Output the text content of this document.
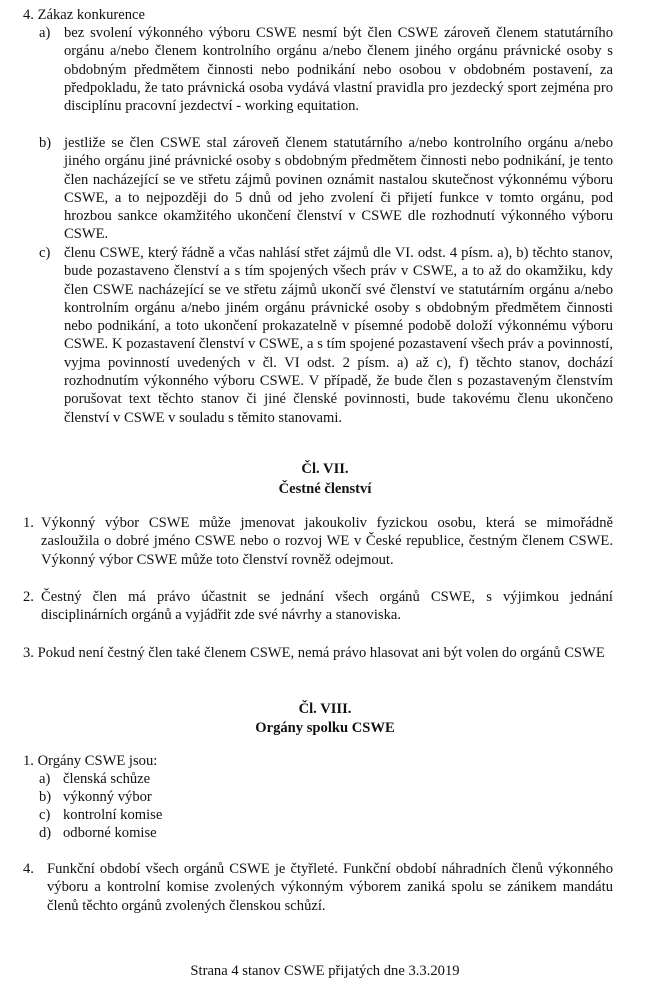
4. Zákaz konkurence
a) bez svolení výkonného výboru CSWE nesmí být člen CSWE zároveň členem statutárního orgánu a/nebo členem kontrolního orgánu a/nebo členem jiného orgánu právnické osoby s obdobným předmětem činnosti nebo podnikání nebo osobou v obdobném postavení, za předpokladu, že tato právnická osoba vydává vlastní pravidla pro jezdecký sport zejména pro disciplínu pracovní jezdectví - working equitation.
b) jestliže se člen CSWE stal zároveň členem statutárního a/nebo kontrolního orgánu a/nebo jiného orgánu jiné právnické osoby s obdobným předmětem činnosti nebo podnikání, je tento člen nacházející se ve střetu zájmů povinen oznámit nastalou skutečnost výkonnému výboru CSWE, a to nejpozději do 5 dnů od jeho zvolení či přijetí funkce v tomto orgánu, pod hrozbou sankce okamžitého ukončení členství v CSWE dle rozhodnutí výkonného výboru CSWE.
c) členu CSWE, který řádně a včas nahlásí střet zájmů dle VI. odst. 4 písm. a), b) těchto stanov, bude pozastaveno členství a s tím spojených všech práv v CSWE, a to až do okamžiku, kdy člen CSWE nacházející se ve střetu zájmů ukončí své členství ve statutárním orgánu a/nebo kontrolním orgánu a/nebo jiném orgánu právnické osoby s obdobným předmětem činnosti nebo podnikání, a toto ukončení prokazatelně v písemné podobě doloží výkonnému výboru CSWE. K pozastavení členství v CSWE, a s tím spojené pozastavení všech práv a povinností, vyjma povinností uvedených v čl. VI odst. 2 písm. a) až c), f) těchto stanov, dochází rozhodnutím výkonného výboru CSWE. V případě, že bude člen s pozastaveným členstvím porušovat text těchto stanov či jiné členské povinnosti, bude takovému členu ukončeno členství v CSWE v souladu s těmito stanovami.
Čl. VII.
Čestné členství
1. Výkonný výbor CSWE může jmenovat jakoukoliv fyzickou osobu, která se mimořádně zasloužila o dobré jméno CSWE nebo o rozvoj WE v České republice, čestným členem CSWE. Výkonný výbor CSWE může toto členství rovněž odejmout.
2. Čestný člen má právo účastnit se jednání všech orgánů CSWE, s výjimkou jednání disciplinárních orgánů a vyjádřit zde své návrhy a stanoviska.
3. Pokud není čestný člen také členem CSWE, nemá právo hlasovat ani být volen do orgánů CSWE
Čl. VIII.
Orgány spolku CSWE
1. Orgány CSWE jsou:
a) členská schůze
b) výkonný výbor
c) kontrolní komise
d) odborné komise
4. Funkční období všech orgánů CSWE je čtyřleté. Funkční období náhradních členů výkonného výboru a kontrolní komise zvolených výkonným výborem zaniká spolu se zánikem mandátu členů těchto orgánů zvolených členskou schůzí.
Strana 4 stanov CSWE přijatých dne 3.3.2019
